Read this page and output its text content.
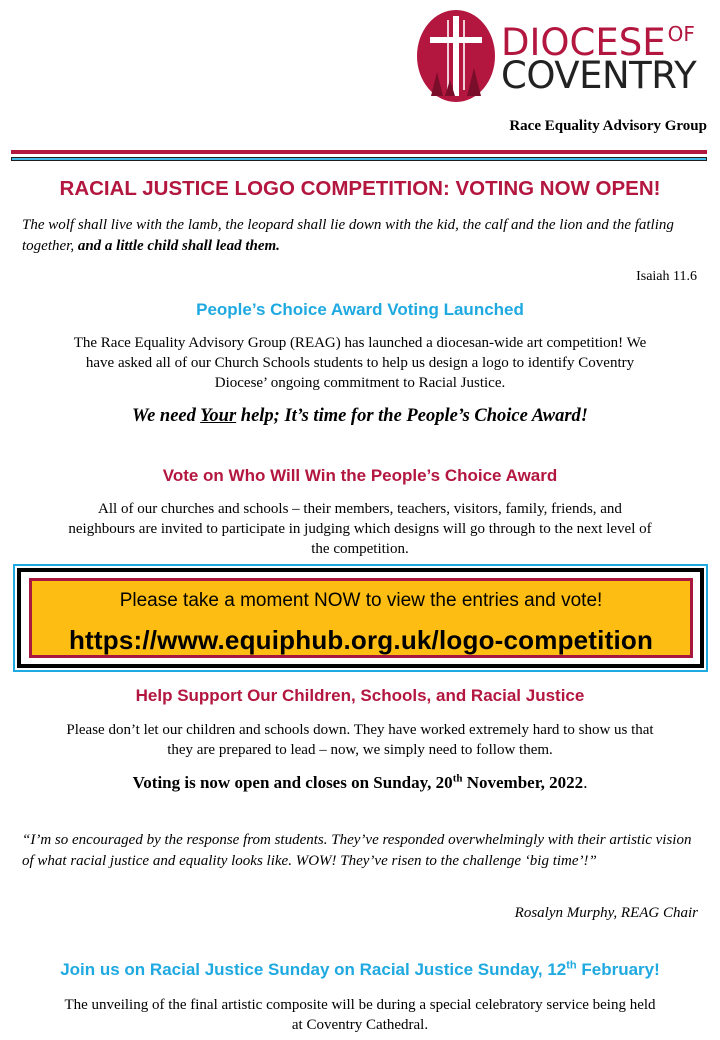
DIOCESE $^{OF}$
COVENTRY
Race Equality Advisory Group
RACIAL JUSTICE LOGO COMPETITION: VOTING NOW OPEN!
The wolf shall live with the lamb, the leopard shall lie down with the kid, the calf and the lion and the fatling together, and a little child shall lead them.
Isaiah 11.6
People’s Choice Award Voting Launched
The Race Equality Advisory Group (REAG) has launched a diocesan-wide art competition! We
have asked all of our Church Schools students to help us design a logo to identify Coventry
Diocese’ ongoing commitment to Racial Justice.
We need Your help; It’s time for the People’s Choice Award!
Vote on Who Will Win the People’s Choice Award
All of our churches and schools – their members, teachers, visitors, family, friends, and
neighbours are invited to participate in judging which designs will go through to the next level of
the competition.
Please take a moment NOW to view the entries and vote!
https://www.equiphub.org.uk/logo-competition
Help Support Our Children, Schools, and Racial Justice
Please don’t let our children and schools down. They have worked extremely hard to show us that
they are prepared to lead – now, we simply need to follow them.
Voting is now open and closes on Sunday, 20th November, 2022.
“I’m so encouraged by the response from students. They’ve responded overwhelmingly with their artistic vision of what racial justice and equality looks like. WOW! They’ve risen to the challenge ‘big time’!”
Rosalyn Murphy, REAG Chair
Join us on Racial Justice Sunday on Racial Justice Sunday, 12th February!
The unveiling of the final artistic composite will be during a special celebratory service being held
at Coventry Cathedral.
